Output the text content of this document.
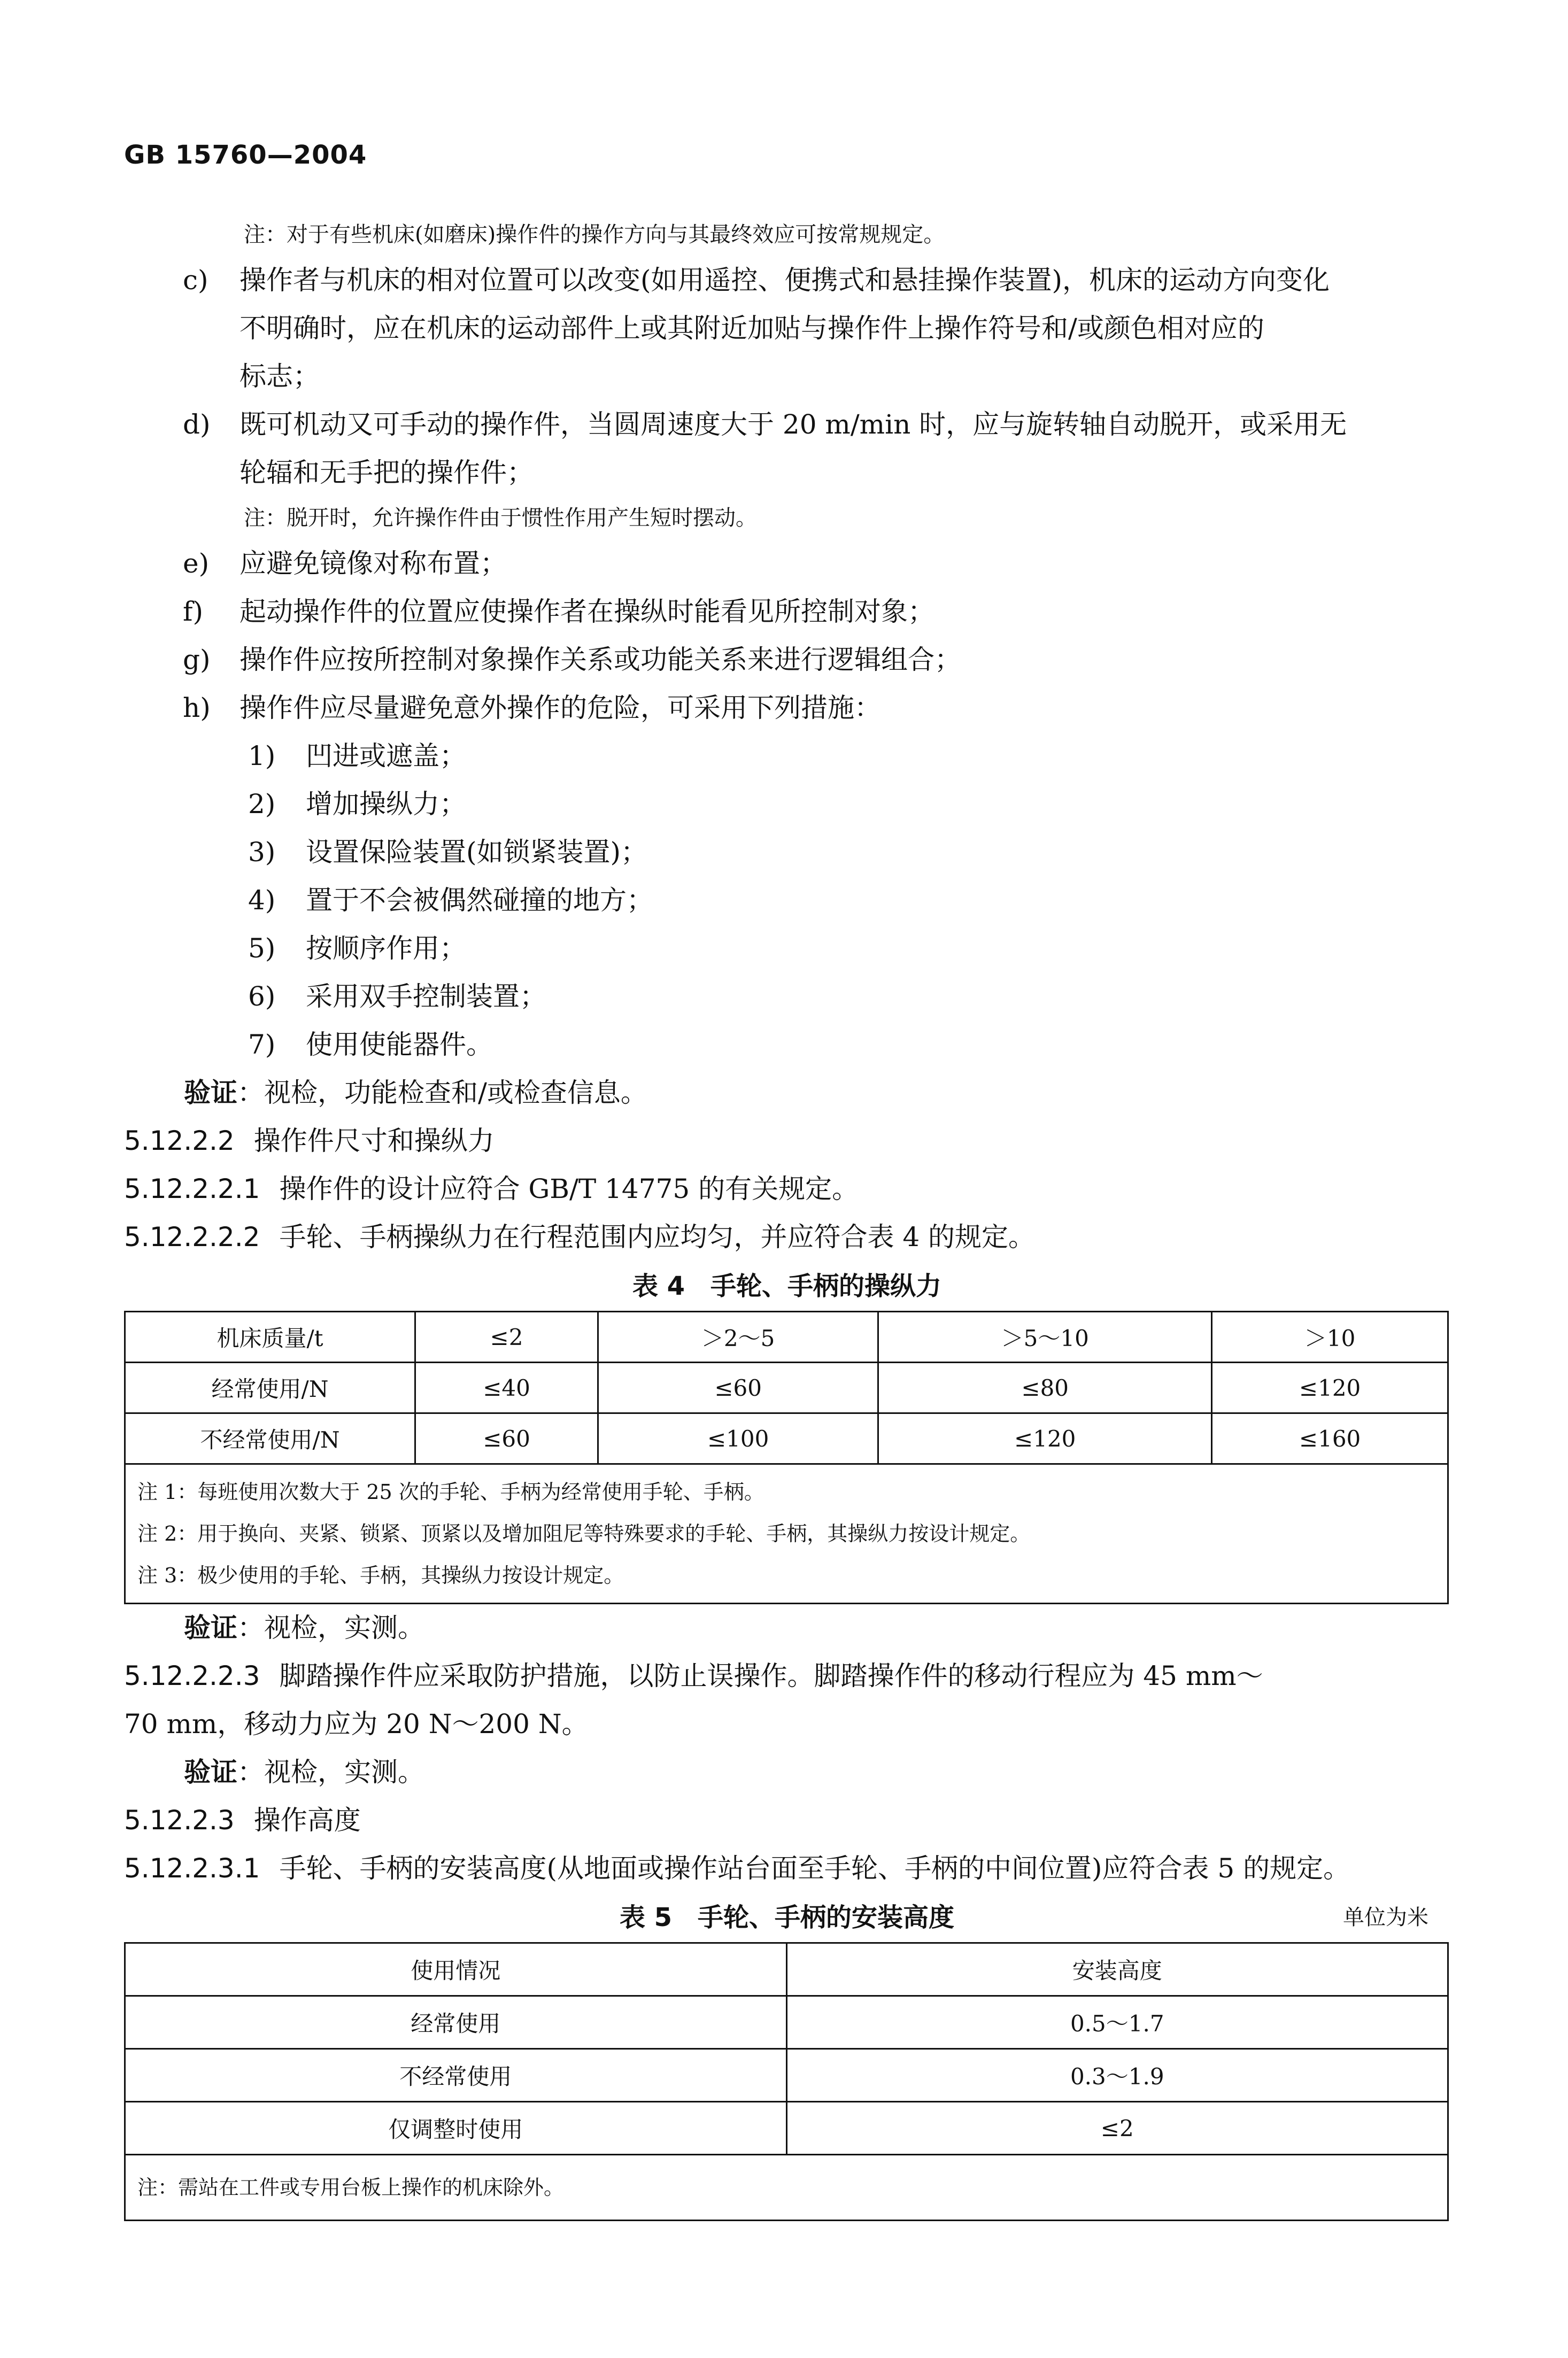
GB 15760—2004
注：对于有些机床(如磨床)操作件的操作方向与其最终效应可按常规规定。
c) 操作者与机床的相对位置可以改变(如用遥控、便携式和悬挂操作装置)，机床的运动方向变化
不明确时，应在机床的运动部件上或其附近加贴与操作件上操作符号和/或颜色相对应的
标志；
d) 既可机动又可手动的操作件，当圆周速度大于 20 m/min 时，应与旋转轴自动脱开，或采用无
轮辐和无手把的操作件；
注：脱开时，允许操作件由于惯性作用产生短时摆动。
e) 应避免镜像对称布置；
f) 起动操作件的位置应使操作者在操纵时能看见所控制对象；
g) 操作件应按所控制对象操作关系或功能关系来进行逻辑组合；
h) 操作件应尽量避免意外操作的危险，可采用下列措施：
1) 凹进或遮盖；
2) 增加操纵力；
3) 设置保险装置(如锁紧装置)；
4) 置于不会被偶然碰撞的地方；
5) 按顺序作用；
6) 采用双手控制装置；
7) 使用使能器件。
验证：视检，功能检查和/或检查信息。
5.12.2.2 操作件尺寸和操纵力
5.12.2.2.1 操作件的设计应符合 GB/T 14775 的有关规定。
5.12.2.2.2 手轮、手柄操纵力在行程范围内应均匀，并应符合表 4 的规定。
表 4　手轮、手柄的操纵力
机床质量/t	≤2	＞2～5	＞5～10	＞10
经常使用/N	≤40	≤60	≤80	≤120
不经常使用/N	≤60	≤100	≤120	≤160

注 1：每班使用次数大于 25 次的手轮、手柄为经常使用手轮、手柄。
注 2：用于换向、夹紧、锁紧、顶紧以及增加阻尼等特殊要求的手轮、手柄，其操纵力按设计规定。
注 3：极少使用的手轮、手柄，其操纵力按设计规定。				
验证：视检，实测。
5.12.2.2.3 脚踏操作件应采取防护措施，以防止误操作。脚踏操作件的移动行程应为 45 mm～
70 mm，移动力应为 20 N～200 N。
验证：视检，实测。
5.12.2.3 操作高度
5.12.2.3.1 手轮、手柄的安装高度(从地面或操作站台面至手轮、手柄的中间位置)应符合表 5 的规定。
表 5　手轮、手柄的安装高度	单位为米
使用情况	安装高度
经常使用	0.5～1.7
不经常使用	0.3～1.9
仅调整时使用	≤2
注：需站在工件或专用台板上操作的机床除外。	
